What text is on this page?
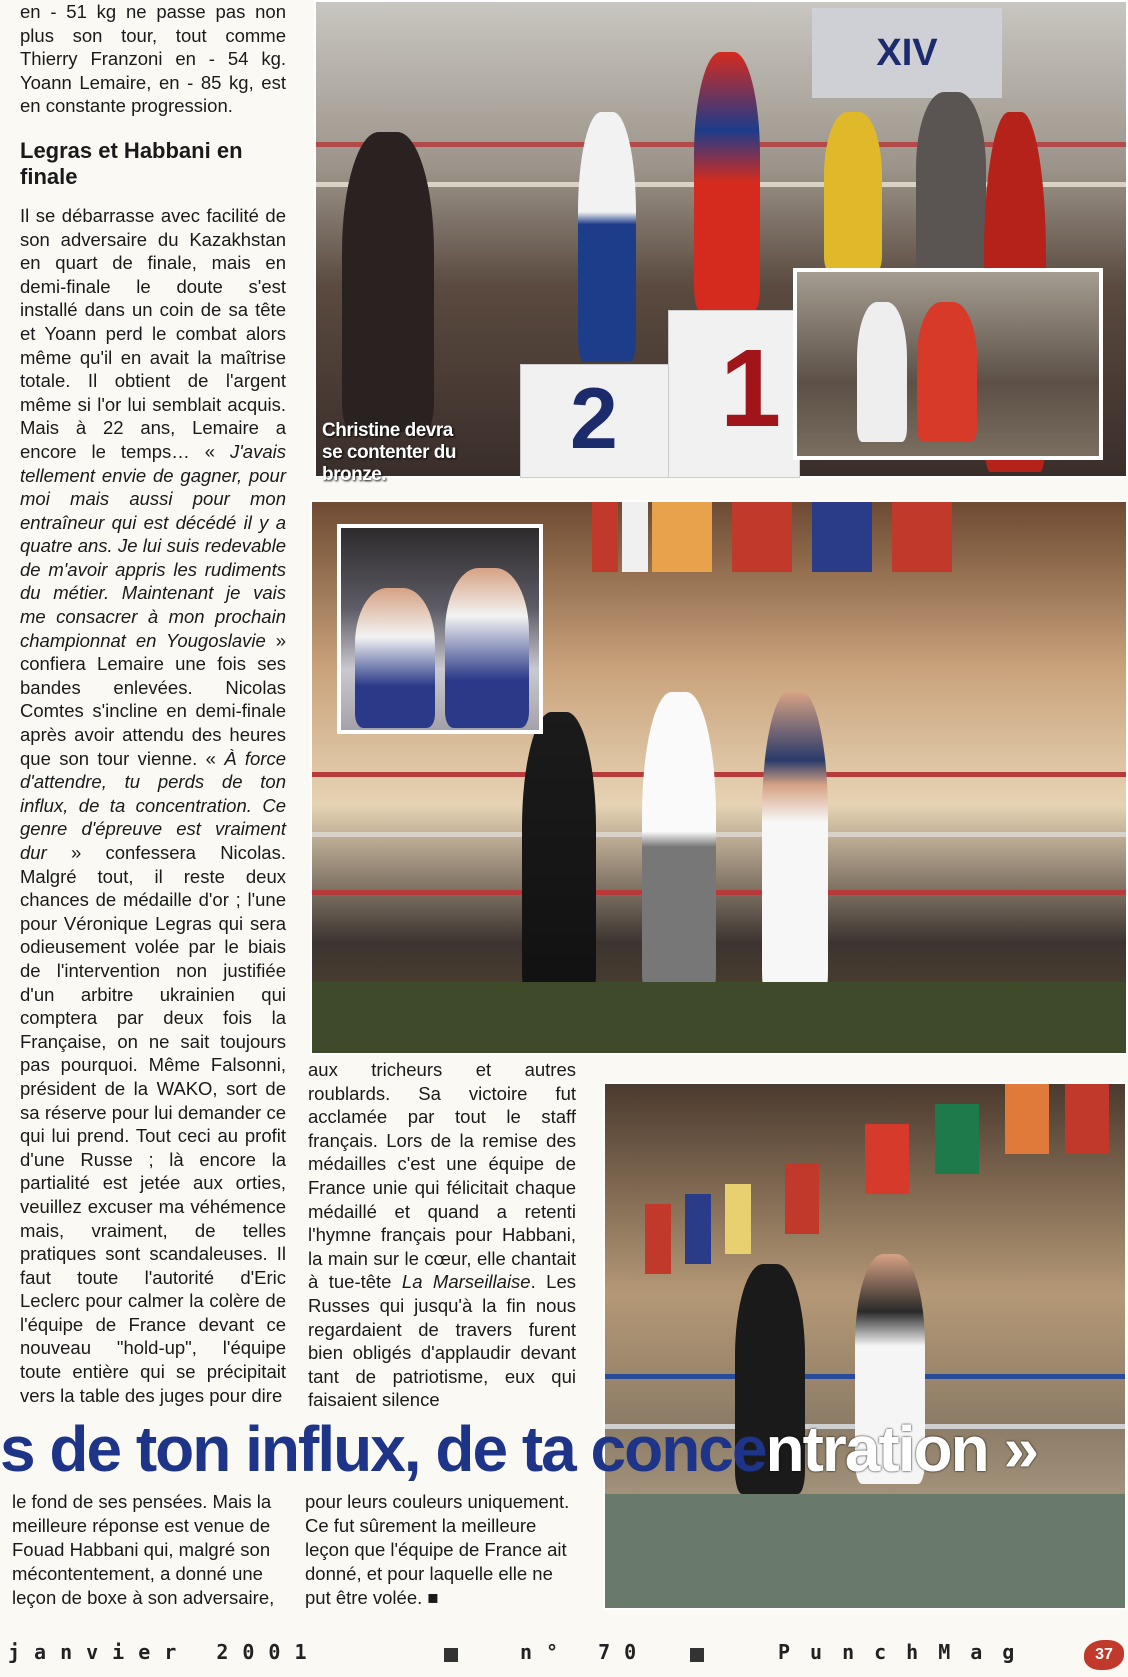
en - 51 kg ne passe pas non plus son tour, tout comme Thierry Franzoni en - 54 kg. Yoann Lemaire, en - 85 kg, est en constante progression.

Legras et Habbani en finale

Il se débarrasse avec facilité de son adversaire du Kazakhstan en quart de finale, mais en demi-finale le doute s'est installé dans un coin de sa tête et Yoann perd le combat alors même qu'il en avait la maîtrise totale. Il obtient de l'argent même si l'or lui semblait acquis. Mais à 22 ans, Lemaire a encore le temps… « J'avais tellement envie de gagner, pour moi mais aussi pour mon entraîneur qui est décédé il y a quatre ans. Je lui suis redevable de m'avoir appris les rudiments du métier. Maintenant je vais me consacrer à mon prochain championnat en Yougoslavie » confiera Lemaire une fois ses bandes enlevées. Nicolas Comtes s'incline en demi-finale après avoir attendu des heures que son tour vienne. « À force d'attendre, tu perds de ton influx, de ta concentration. Ce genre d'épreuve est vraiment dur » confessera Nicolas. Malgré tout, il reste deux chances de médaille d'or ; l'une pour Véronique Legras qui sera odieusement volée par le biais de l'intervention non justifiée d'un arbitre ukrainien qui comptera par deux fois la Française, on ne sait toujours pas pourquoi. Même Falsonni, président de la WAKO, sort de sa réserve pour lui demander ce qui lui prend. Tout ceci au profit d'une Russe ; là encore la partialité est jetée aux orties, veuillez excuser ma véhémence mais, vraiment, de telles pratiques sont scandaleuses. Il faut toute l'autorité d'Eric Leclerc pour calmer la colère de l'équipe de France devant ce nouveau "hold-up", l'équipe toute entière qui se précipitait vers la table des juges pour dire

aux tricheurs et autres roublards. Sa victoire fut acclamée par tout le staff français. Lors de la remise des médailles c'est une équipe de France unie qui félicitait chaque médaillé et quand a retenti l'hymne français pour Habbani, la main sur le cœur, elle chantait à tue-tête La Marseillaise. Les Russes qui jusqu'à la fin nous regardaient de travers furent bien obligés d'applaudir devant tant de patriotisme, eux qui faisaient silence

XIV
2 1
Christine devra se contenter du bronze.
s de ton influx, de ta concentration »
le fond de ses pensées. Mais la meilleure réponse est venue de Fouad Habbani qui, malgré son mécontentement, a donné une leçon de boxe à son adversaire,
pour leurs couleurs uniquement. Ce fut sûrement la meilleure leçon que l'équipe de France ait donné, et pour laquelle elle ne put être volée. ■
janvier 2001	n° 70	PunchMag	37
